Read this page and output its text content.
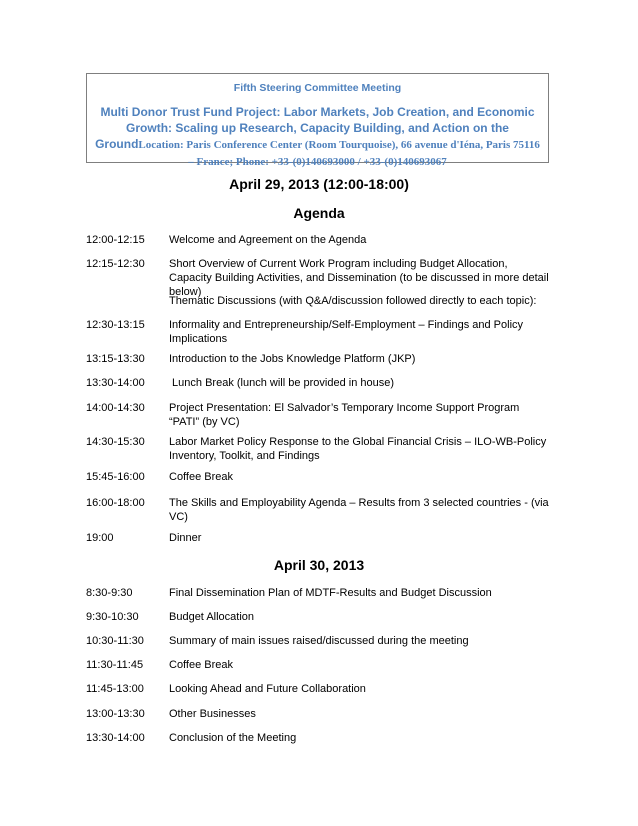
Fifth Steering Committee Meeting
Multi Donor Trust Fund Project: Labor Markets, Job Creation, and Economic Growth: Scaling up Research, Capacity Building, and Action on the GroundLocation: Paris Conference Center (Room Tourquoise), 66 avenue d'Iéna, Paris 75116 – France; Phone: +33-(0)140693000 / +33-(0)140693067
April 29, 2013 (12:00-18:00)
Agenda
12:00-12:15	Welcome and Agreement on the Agenda
12:15-12:30	Short Overview of Current Work Program including Budget Allocation, Capacity Building Activities, and Dissemination (to be discussed in more detail below)
Thematic Discussions (with Q&A/discussion followed directly to each topic):
12:30-13:15	Informality and Entrepreneurship/Self-Employment – Findings and Policy Implications
13:15-13:30	Introduction to the Jobs Knowledge Platform (JKP)
13:30-14:00	Lunch Break (lunch will be provided in house)
14:00-14:30	Project Presentation: El Salvador’s Temporary Income Support Program “PATI” (by VC)
14:30-15:30	Labor Market Policy Response to the Global Financial Crisis – ILO-WB-Policy Inventory, Toolkit, and Findings
15:45-16:00	Coffee Break
16:00-18:00	The Skills and Employability Agenda – Results from 3 selected countries - (via VC)
19:00	Dinner
April 30, 2013
8:30-9:30	Final Dissemination Plan of MDTF-Results and Budget Discussion
9:30-10:30	Budget Allocation
10:30-11:30	Summary of main issues raised/discussed during the meeting
11:30-11:45	Coffee Break
11:45-13:00	Looking Ahead and Future Collaboration
13:00-13:30	Other Businesses
13:30-14:00	Conclusion of the Meeting
